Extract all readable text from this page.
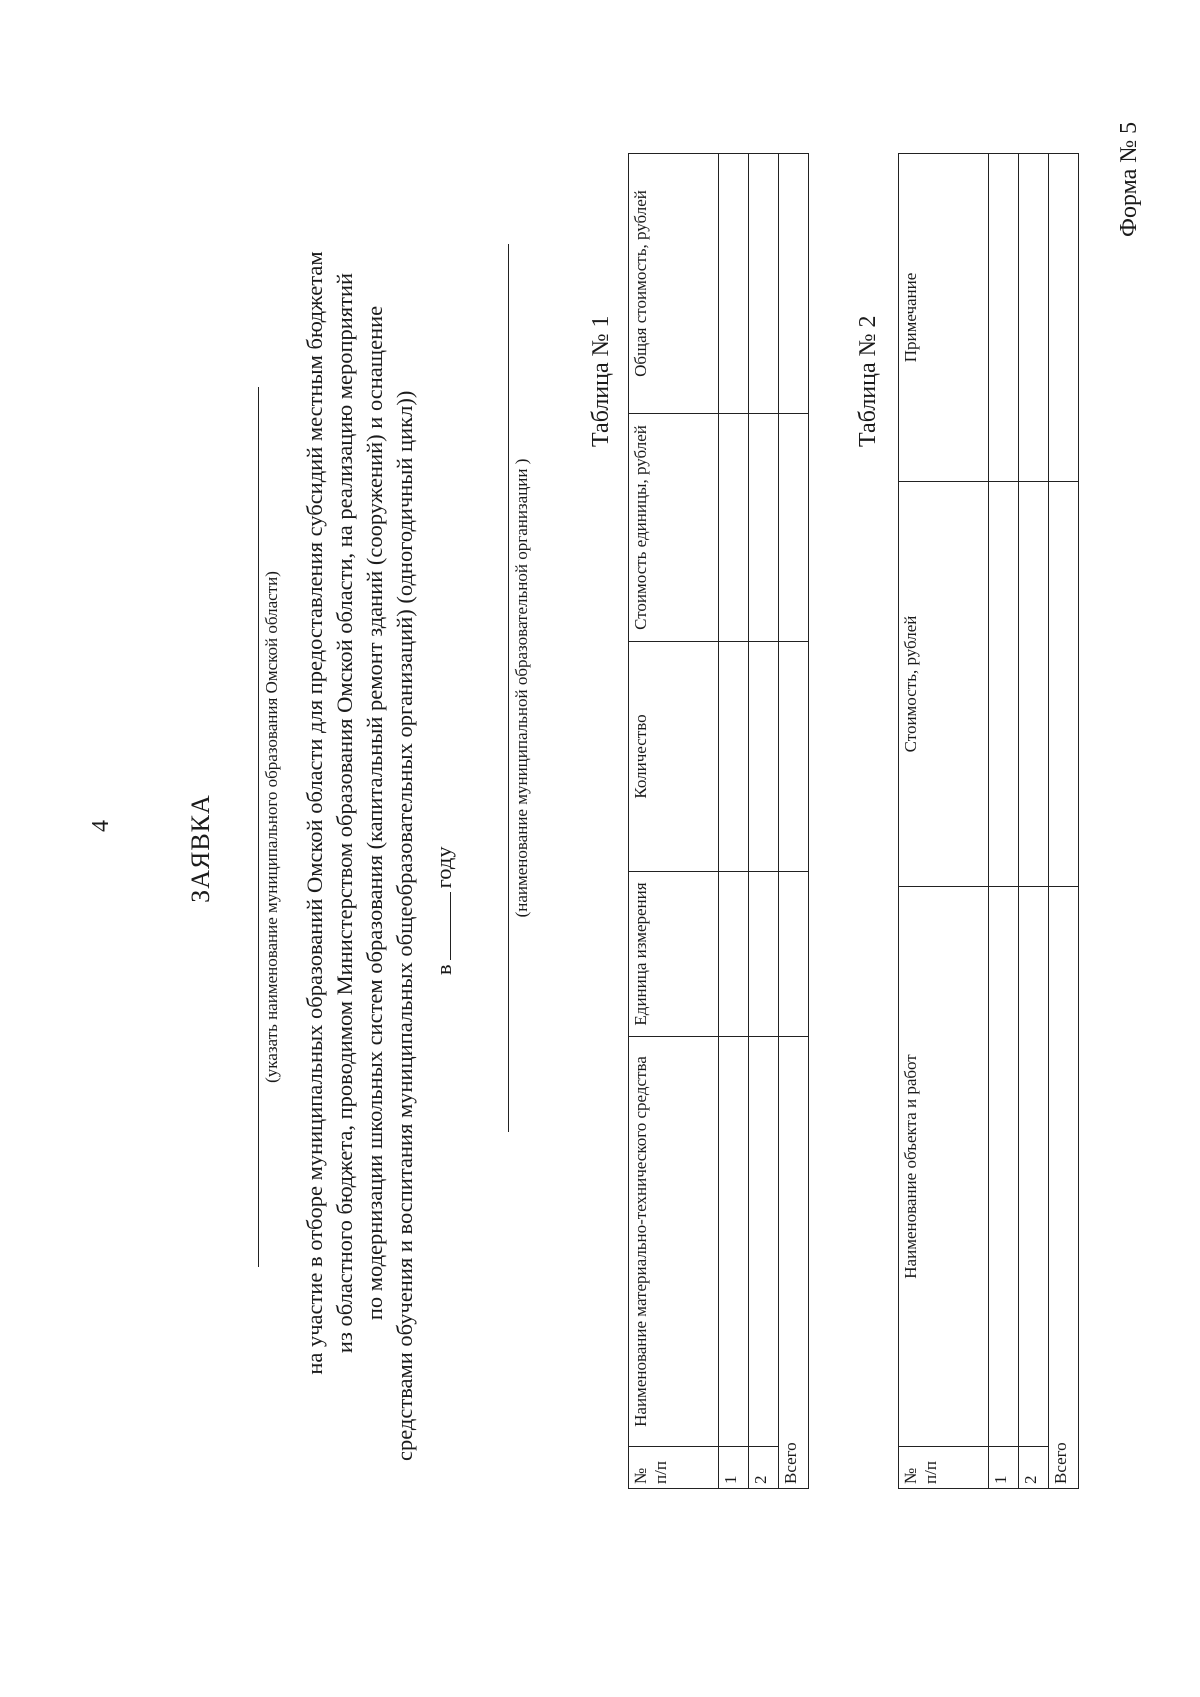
4
Форма № 5
ЗАЯВКА	(указать наименование муниципального образования Омской области) на участие в отборе муниципальных образований Омской области для предоставления субсидий местным бюджетам из областного бюджета, проводимом Министерством образования Омской области, на реализацию мероприятий по модернизации школьных систем образования (капитальный ремонт зданий (сооружений) и оснащение средствами обучения и воспитания муниципальных общеобразовательных организаций) (одногодичный цикл)) вгоду	(наименование муниципальной образовательной организации )
Таблица № 1
№ п/п	Наименование материально-технического средства	Единица измерения	Количество	Стоимость единицы, рублей	Общая стоимость, рублей
1					
2					
Всего					
Таблица № 2
№ п/п	Наименование объекта и работ	Стоимость, рублей	Примечание
1			
2			
Всего			
